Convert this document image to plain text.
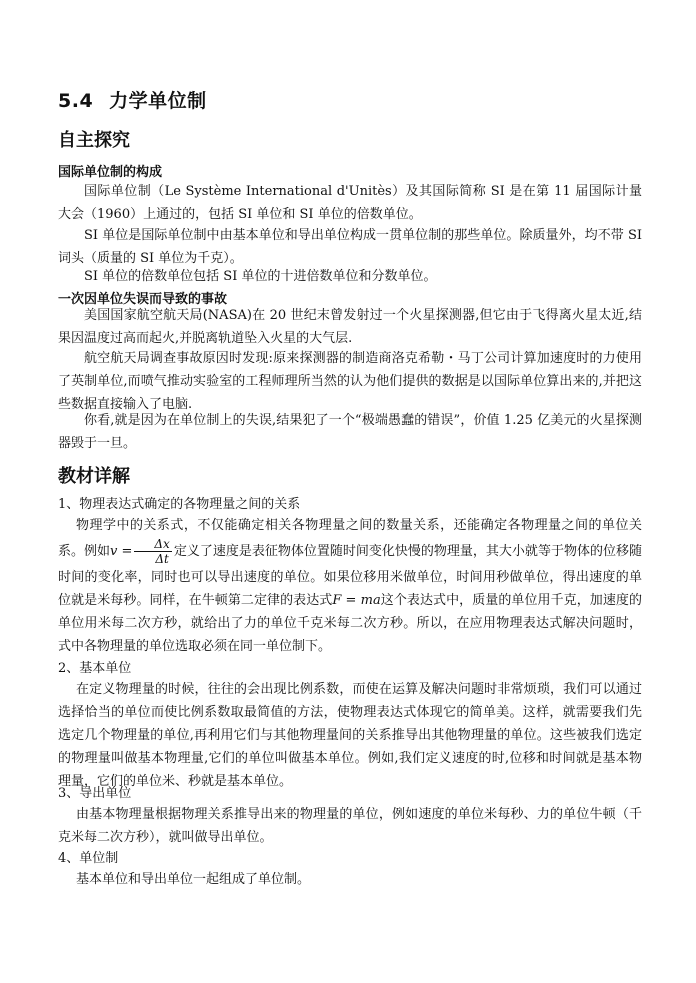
5.4 力学单位制
自主探究
国际单位制的构成

国际单位制（Le Système International d'Unitès）及其国际简称 SI 是在第 11 届国际计量大会（1960）上通过的，包括 SI 单位和 SI 单位的倍数单位。

SI 单位是国际单位制中由基本单位和导出单位构成一贯单位制的那些单位。除质量外，均不带 SI 词头（质量的 SI 单位为千克）。

SI 单位的倍数单位包括 SI 单位的十进倍数单位和分数单位。

一次因单位失误而导致的事故

美国国家航空航天局(NASA)在 20 世纪末曾发射过一个火星探测器,但它由于飞得离火星太近,结果因温度过高而起火,并脱离轨道坠入火星的大气层.

航空航天局调查事故原因时发现:原来探测器的制造商洛克希勒・马丁公司计算加速度时的力使用了英制单位,而喷气推动实验室的工程师理所当然的认为他们提供的数据是以国际单位算出来的,并把这些数据直接输入了电脑.

你看,就是因为在单位制上的失误,结果犯了一个“极端愚蠢的错误”，价值 1.25 亿美元的火星探测器毁于一旦。

教材详解
1、物理表达式确定的各物理量之间的关系

物理学中的关系式，不仅能确定相关各物理量之间的数量关系，还能确定各物理量之间的单位关系。例如$v = \frac{\Delta x}{\Delta t}$ 定义了速度是表征物体位置随时间变化快慢的物理量，其大小就等于物体的位移随时间的变化率，同时也可以导出速度的单位。如果位移用米做单位，时间用秒做单位，得出速度的单位就是米每秒。同样，在牛顿第二定律的表达式F = ma这个表达式中，质量的单位用千克，加速度的单位用米每二次方秒，就给出了力的单位千克米每二次方秒。所以，在应用物理表达式解决问题时，式中各物理量的单位选取必须在同一单位制下。

2、基本单位

在定义物理量的时候，往往的会出现比例系数，而使在运算及解决问题时非常烦琐，我们可以通过选择恰当的单位而使比例系数取最简值的方法，使物理表达式体现它的简单美。这样，就需要我们先选定几个物理量的单位,再利用它们与其他物理量间的关系推导出其他物理量的单位。这些被我们选定的物理量叫做基本物理量,它们的单位叫做基本单位。例如,我们定义速度的时,位移和时间就是基本物理量，它们的单位米、秒就是基本单位。

3、导出单位

由基本物理量根据物理关系推导出来的物理量的单位，例如速度的单位米每秒、力的单位牛顿（千克米每二次方秒），就叫做导出单位。

4、单位制

基本单位和导出单位一起组成了单位制。
